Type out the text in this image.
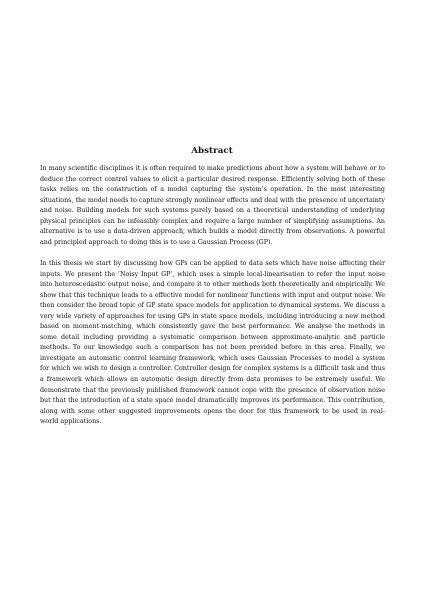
Abstract

In many scientific disciplines it is often required to make predictions about how a system will behave or to deduce the correct control values to elicit a particular desired response. Efficiently solving both of these tasks relies on the construction of a model capturing the system’s operation. In the most interesting situations, the model needs to capture strongly nonlinear effects and deal with the presence of uncertainty and noise. Building models for such systems purely based on a theoretical understanding of underlying physical principles can be infeasibly complex and require a large number of simplifying assumptions. An alternative is to use a data-driven approach, which builds a model directly from observations. A powerful and principled approach to doing this is to use a Gaussian Process (GP).

In this thesis we start by discussing how GPs can be applied to data sets which have noise affecting their inputs. We present the ‘Noisy Input GP’, which uses a simple local-linearisation to refer the input noise into heteroscedastic output noise, and compare it to other methods both theoretically and empirically. We show that this technique leads to a effective model for nonlinear functions with input and output noise. We then consider the broad topic of GP state space models for application to dynamical systems. We discuss a very wide variety of approaches for using GPs in state space models, including introducing a new method based on moment-matching, which consistently gave the best performance. We analyse the methods in some detail including providing a systematic comparison between approximate-analytic and particle methods. To our knowledge such a comparison has not been provided before in this area. Finally, we investigate an automatic control learning framework, which uses Gaussian Processes to model a system for which we wish to design a controller. Controller design for complex systems is a difficult task and thus a framework which allows an automatic design directly from data promises to be extremely useful. We demonstrate that the previously published framework cannot cope with the presence of observation noise but that the introduction of a state space model dramatically improves its performance. This contribution, along with some other suggested improvements opens the door for this framework to be used in real-world applications.
